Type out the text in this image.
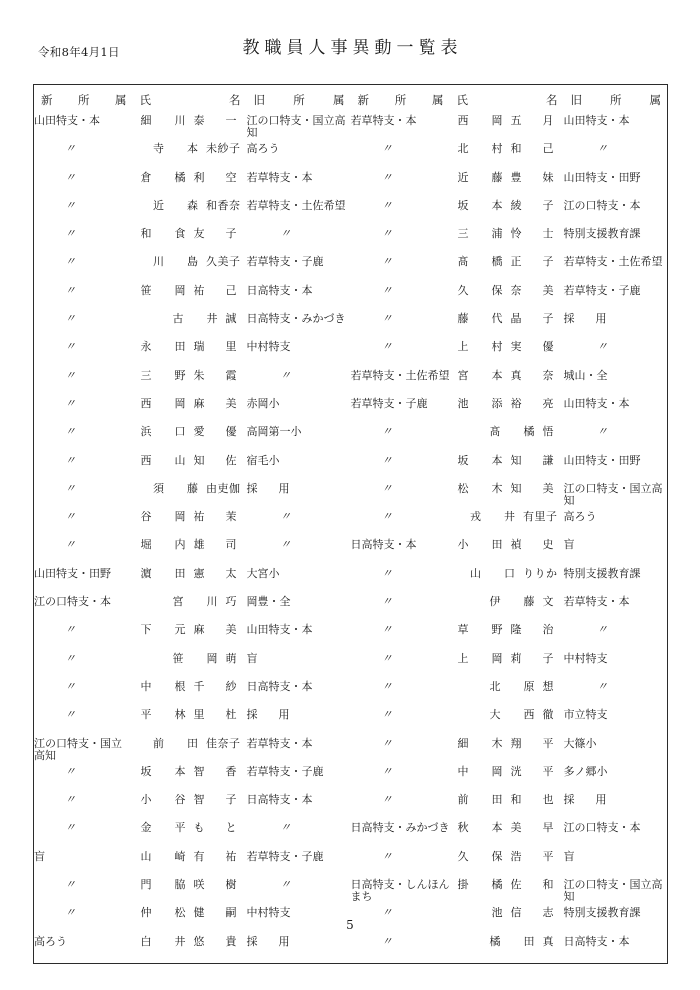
教職員人事異動一覧表
令和8年4月1日
新 所 属	氏 名	旧 所 属	新 所 属	氏 名	旧 所 属

山田特支・本	細　川 泰　一	江の口特支・国立高知	若草特支・本	西　岡 五　月	山田特支・本
〃	寺　本 未紗子	高ろう	〃	北　村 和　己	〃
〃	倉　橘 利　空	若草特支・本	〃	近　藤 豊　妹	山田特支・田野
〃	近　森 和香奈	若草特支・土佐希望	〃	坂　本 綾　子	江の口特支・本
〃	和　食 友　子	〃	〃	三　浦 怜　士	特別支援教育課
〃	川　島 久美子	若草特支・子鹿	〃	髙　橋 正　子	若草特支・土佐希望
〃	笹　岡 祐　己	日高特支・本	〃	久　保 奈　美	若草特支・子鹿
〃	古　井 誠	日高特支・みかづき	〃	藤　代 晶　子	採　用
〃	永　田 瑞　里	中村特支	〃	上　村 実　優	〃
〃	三　野 朱　霞	〃	若草特支・土佐希望	宮　本 真　奈	城山・全
〃	西　岡 麻　美	赤岡小	若草特支・子鹿	池　添 裕　亮	山田特支・本
〃	浜　口 愛　優	高岡第一小	〃	髙　橘 悟	〃
〃	西　山 知　佐	宿毛小	〃	坂　本 知　謙	山田特支・田野
〃	須　藤 由吏伽	採　用	〃	松　木 知　美	江の口特支・国立高知
〃	谷　岡 祐　茉	〃	〃	戎　井 有里子	高ろう
〃	堀　内 雄　司	〃	日高特支・本	小　田 禎　史	盲
山田特支・田野	濵　田 憲　太	大宮小	〃	山　口 りりか	特別支援教育課
江の口特支・本	宮　川 巧	岡豊・全	〃	伊　藤 文	若草特支・本
〃	下　元 麻　美	山田特支・本	〃	草　野 隆　治	〃
〃	笹　岡 萌	盲	〃	上　岡 莉　子	中村特支
〃	中　根 千　紗	日高特支・本	〃	北　原 想	〃
〃	平　林 里　杜	採　用	〃	大　西 徹	市立特支
江の口特支・国立高知	前　田 佳奈子	若草特支・本	〃	細　木 翔　平	大篠小
〃	坂　本 智　香	若草特支・子鹿	〃	中　岡 洸　平	多ノ郷小
〃	小　谷 智　子	日高特支・本	〃	前　田 和　也	採　用
〃	金　平 も　と	〃	日高特支・みかづき	秋　本 美　早	江の口特支・本
盲	山　崎 有　祐	若草特支・子鹿	〃	久　保 浩　平	盲
〃	門　脇 咲　樹	〃	日高特支・しんほんまち	掛　橘 佐　和	江の口特支・国立高知
〃	仲　松 健　嗣	中村特支	〃	池 信　志	特別支援教育課
高ろう	白　井 悠　貴	採　用	〃	橘　田 真	日高特支・本
5
